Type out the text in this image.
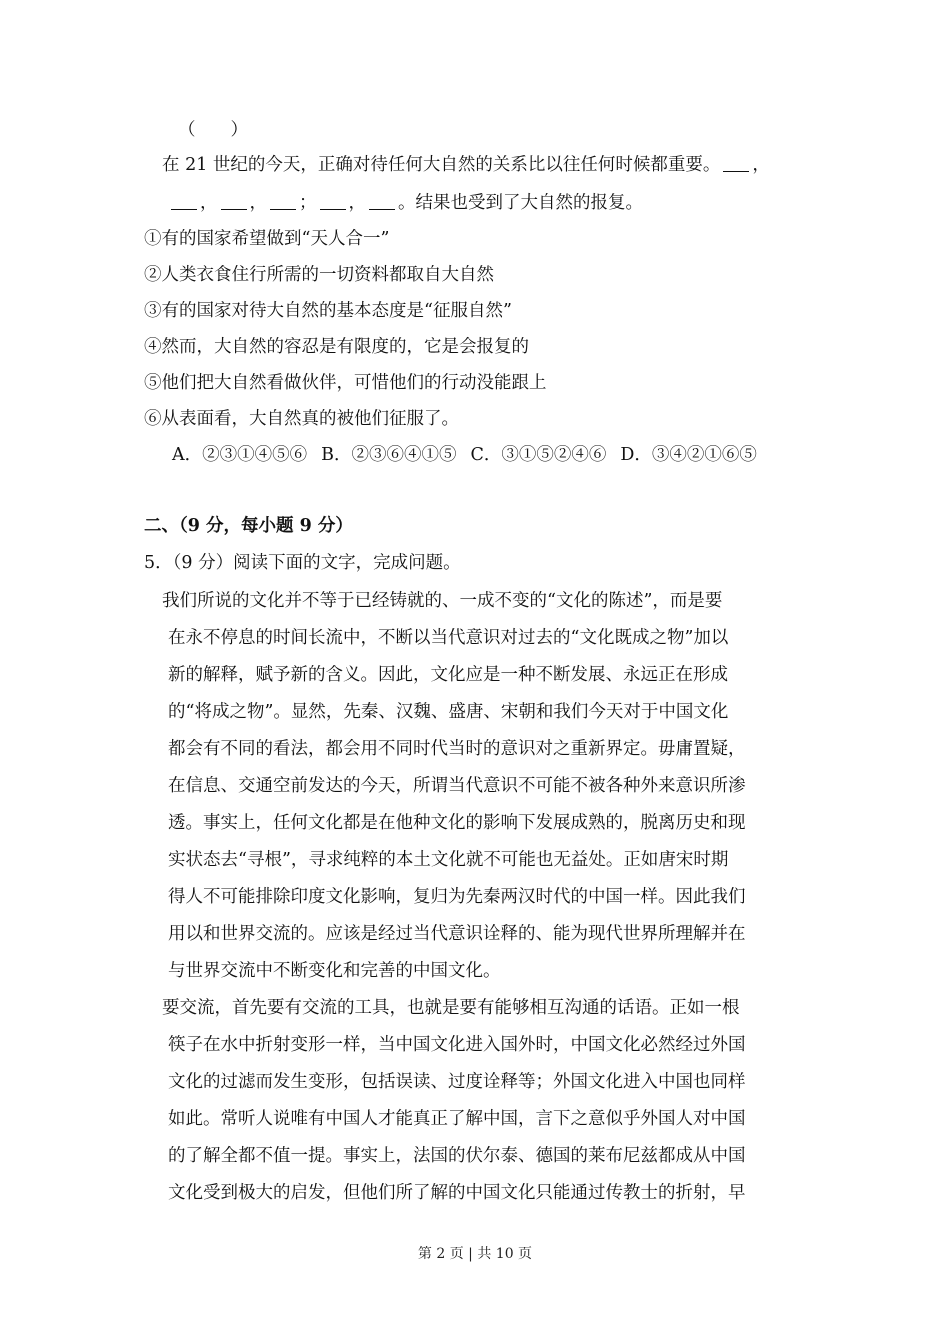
（　　）
在 21 世纪的今天，正确对待任何大自然的关系比以往任何时候都重要。 ，
， ， ； ， 。结果也受到了大自然的报复。
①有的国家希望做到“天人合一”
②人类衣食住行所需的一切资料都取自大自然
③有的国家对待大自然的基本态度是“征服自然”
④然而，大自然的容忍是有限度的，它是会报复的
⑤他们把大自然看做伙伴，可惜他们的行动没能跟上
⑥从表面看，大自然真的被他们征服了。
A．②③①④⑤⑥ B．②③⑥④①⑤ C．③①⑤②④⑥ D．③④②①⑥⑤
二、（9 分，每小题 9 分）
5．（9 分）阅读下面的文字，完成问题。
我们所说的文化并不等于已经铸就的、一成不变的“文化的陈述”，而是要
在永不停息的时间长流中，不断以当代意识对过去的“文化既成之物”加以
新的解释，赋予新的含义。因此，文化应是一种不断发展、永远正在形成
的“将成之物”。显然，先秦、汉魏、盛唐、宋朝和我们今天对于中国文化
都会有不同的看法，都会用不同时代当时的意识对之重新界定。毋庸置疑，
在信息、交通空前发达的今天，所谓当代意识不可能不被各种外来意识所渗
透。事实上，任何文化都是在他种文化的影响下发展成熟的，脱离历史和现
实状态去“寻根”，寻求纯粹的本土文化就不可能也无益处。正如唐宋时期
得人不可能排除印度文化影响，复归为先秦两汉时代的中国一样。因此我们
用以和世界交流的。应该是经过当代意识诠释的、能为现代世界所理解并在
与世界交流中不断变化和完善的中国文化。
要交流，首先要有交流的工具，也就是要有能够相互沟通的话语。正如一根
筷子在水中折射变形一样，当中国文化进入国外时，中国文化必然经过外国
文化的过滤而发生变形，包括误读、过度诠释等；外国文化进入中国也同样
如此。常听人说唯有中国人才能真正了解中国，言下之意似乎外国人对中国
的了解全都不值一提。事实上，法国的伏尔泰、德国的莱布尼兹都成从中国
文化受到极大的启发，但他们所了解的中国文化只能通过传教士的折射，早
第 2 页 | 共 10 页
